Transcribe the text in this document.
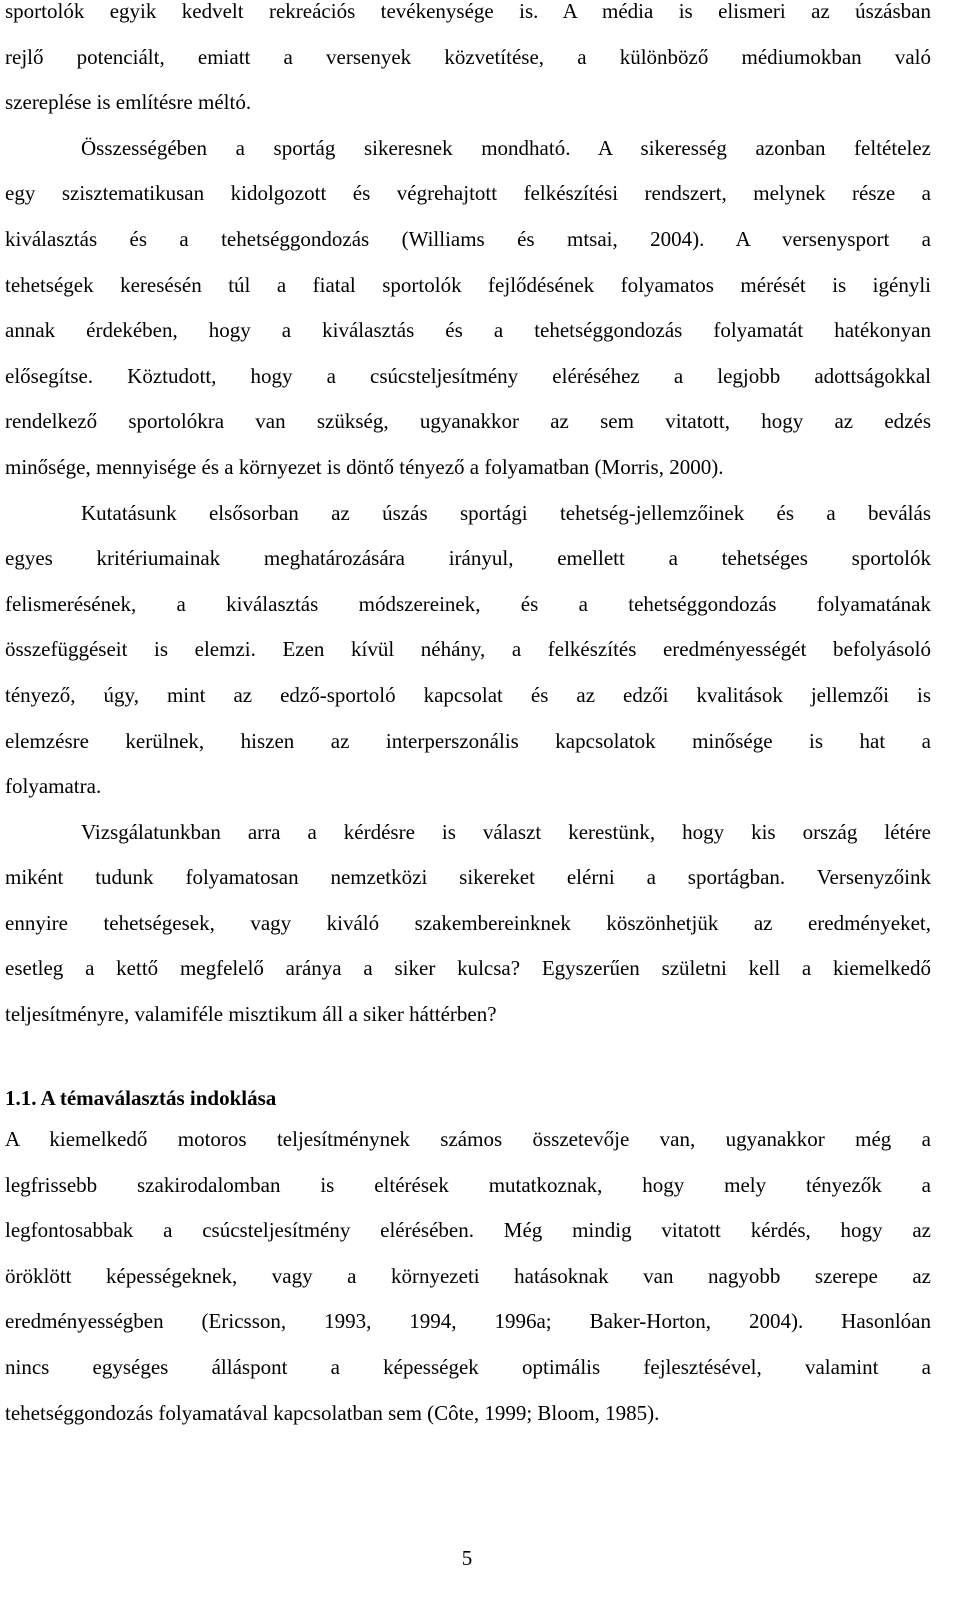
sportolók egyik kedvelt rekreációs tevékenysége is. A média is elismeri az úszásban
rejlő potenciált, emiatt a versenyek közvetítése, a különböző médiumokban való
szereplése is említésre méltó.
Összességében a sportág sikeresnek mondható. A sikeresség azonban feltételez
egy szisztematikusan kidolgozott és végrehajtott felkészítési rendszert, melynek része a
kiválasztás és a tehetséggondozás (Williams és mtsai, 2004). A versenysport a
tehetségek keresésén túl a fiatal sportolók fejlődésének folyamatos mérését is igényli
annak érdekében, hogy a kiválasztás és a tehetséggondozás folyamatát hatékonyan
elősegítse. Köztudott, hogy a csúcsteljesítmény eléréséhez a legjobb adottságokkal
rendelkező sportolókra van szükség, ugyanakkor az sem vitatott, hogy az edzés
minősége, mennyisége és a környezet is döntő tényező a folyamatban (Morris, 2000).
Kutatásunk elsősorban az úszás sportági tehetség-jellemzőinek és a beválás
egyes kritériumainak meghatározására irányul, emellett a tehetséges sportolók
felismerésének, a kiválasztás módszereinek, és a tehetséggondozás folyamatának
összefüggéseit is elemzi. Ezen kívül néhány, a felkészítés eredményességét befolyásoló
tényező, úgy, mint az edző-sportoló kapcsolat és az edzői kvalitások jellemzői is
elemzésre kerülnek, hiszen az interperszonális kapcsolatok minősége is hat a
folyamatra.
Vizsgálatunkban arra a kérdésre is választ kerestünk, hogy kis ország létére
miként tudunk folyamatosan nemzetközi sikereket elérni a sportágban. Versenyzőink
ennyire tehetségesek, vagy kiváló szakembereinknek köszönhetjük az eredményeket,
esetleg a kettő megfelelő aránya a siker kulcsa? Egyszerűen születni kell a kiemelkedő
teljesítményre, valamiféle misztikum áll a siker háttérben?
1.1. A témaválasztás indoklása
A kiemelkedő motoros teljesítménynek számos összetevője van, ugyanakkor még a
legfrissebb szakirodalomban is eltérések mutatkoznak, hogy mely tényezők a
legfontosabbak a csúcsteljesítmény elérésében. Még mindig vitatott kérdés, hogy az
öröklött képességeknek, vagy a környezeti hatásoknak van nagyobb szerepe az
eredményességben (Ericsson, 1993, 1994, 1996a; Baker-Horton, 2004). Hasonlóan
nincs egységes álláspont a képességek optimális fejlesztésével, valamint a
tehetséggondozás folyamatával kapcsolatban sem (Côte, 1999; Bloom, 1985).
5
